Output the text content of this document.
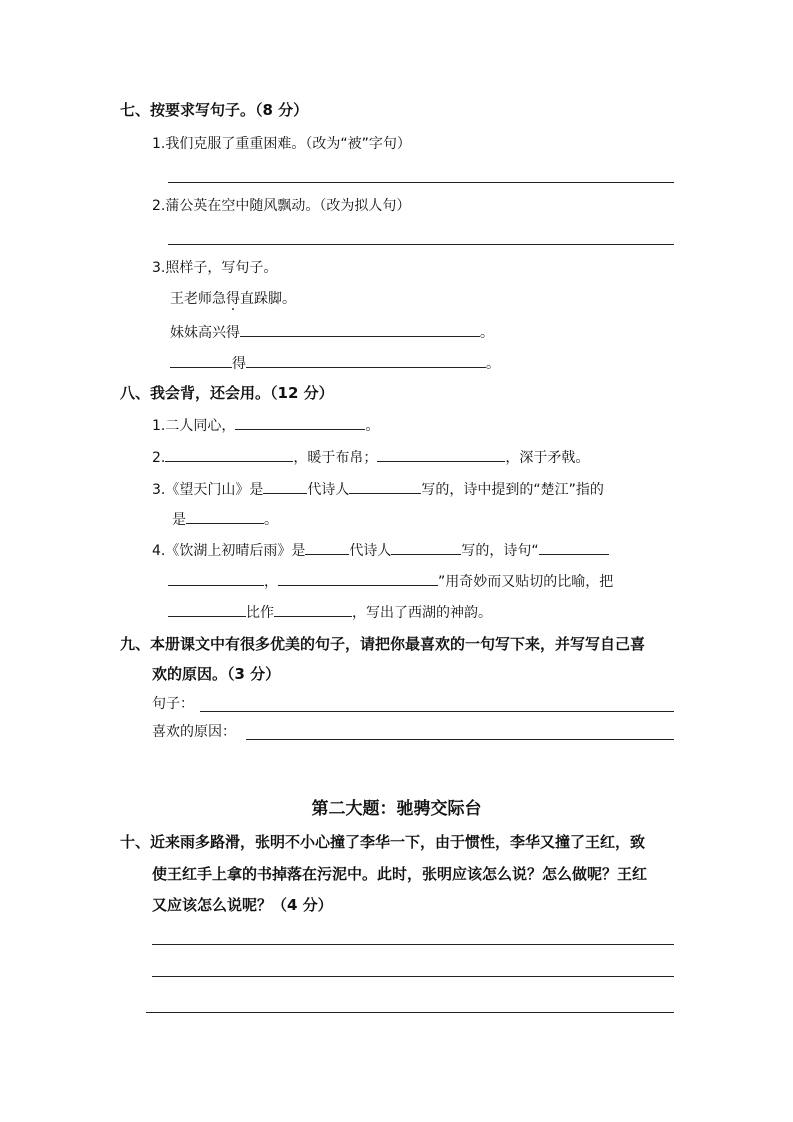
七、按要求写句子。（8 分）
1.我们克服了重重困难。（改为“被”字句）
2.蒲公英在空中随风飘动。（改为拟人句）
3.照样子，写句子。
王老师急得直跺脚。
妹妹高兴得	。
得	。
八、我会背，还会用。（12 分）
1.二人同心，	。
2.	，暖于布帛；	，深于矛戟。
3.《望天门山》是	代诗人	写的，诗中提到的“楚江”指的
是	。
4.《饮湖上初晴后雨》是	代诗人	写的，诗句“
，	”用奇妙而又贴切的比喻，把
比作	，写出了西湖的神韵。
九、本册课文中有很多优美的句子，请把你最喜欢的一句写下来，并写写自己喜
欢的原因。（3 分）
句子：
喜欢的原因：
第二大题：驰骋交际台
十、近来雨多路滑，张明不小心撞了李华一下，由于惯性，李华又撞了王红，致
使王红手上拿的书掉落在污泥中。此时，张明应该怎么说？怎么做呢？王红
又应该怎么说呢？（4 分）
